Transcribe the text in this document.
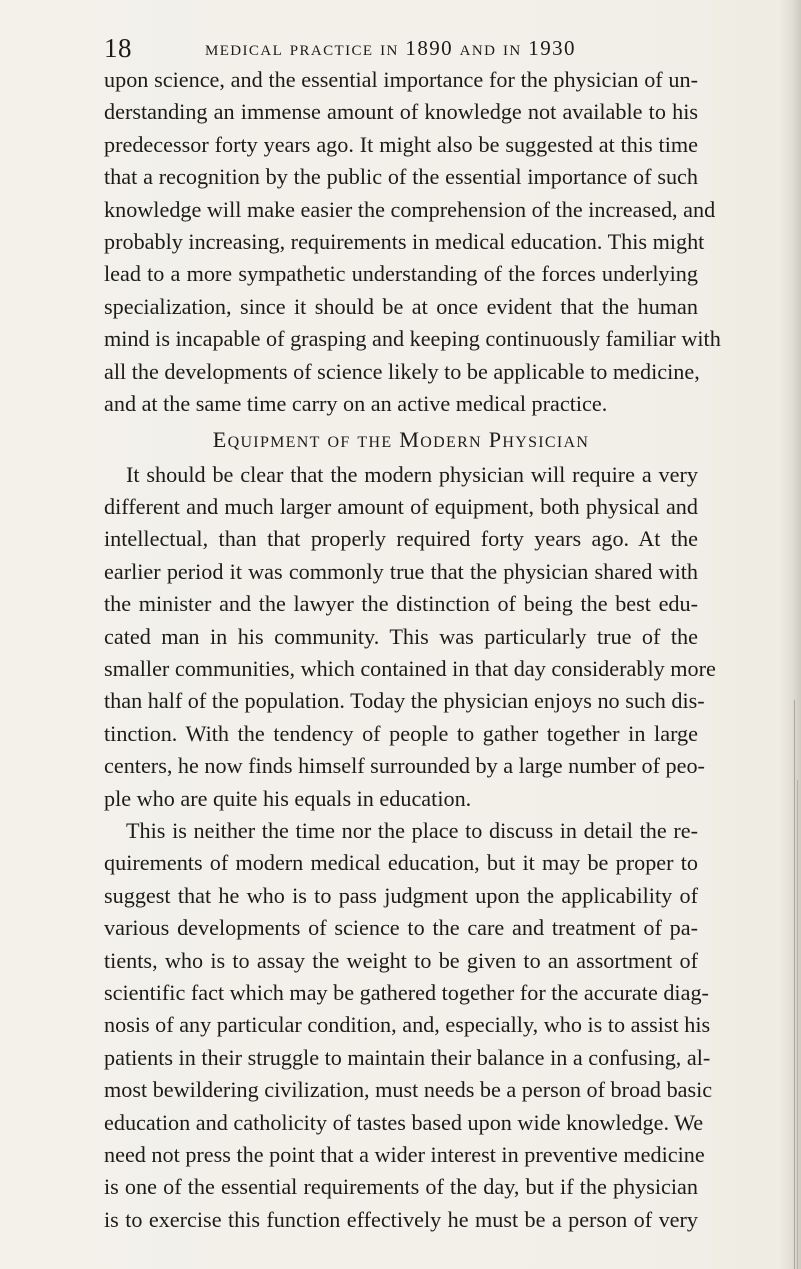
18	medical practice in 1890 and in 1930
upon science, and the essential importance for the physician of un-
derstanding an immense amount of knowledge not available to his
predecessor forty years ago. It might also be suggested at this time
that a recognition by the public of the essential importance of such
knowledge will make easier the comprehension of the increased, and
probably increasing, requirements in medical education. This might
lead to a more sympathetic understanding of the forces underlying
specialization, since it should be at once evident that the human
mind is incapable of grasping and keeping continuously familiar with
all the developments of science likely to be applicable to medicine,
and at the same time carry on an active medical practice.
Equipment of the Modern Physician
It should be clear that the modern physician will require a very
different and much larger amount of equipment, both physical and
intellectual, than that properly required forty years ago. At the
earlier period it was commonly true that the physician shared with
the minister and the lawyer the distinction of being the best edu-
cated man in his community. This was particularly true of the
smaller communities, which contained in that day considerably more
than half of the population. Today the physician enjoys no such dis-
tinction. With the tendency of people to gather together in large
centers, he now finds himself surrounded by a large number of peo-
ple who are quite his equals in education.
This is neither the time nor the place to discuss in detail the re-
quirements of modern medical education, but it may be proper to
suggest that he who is to pass judgment upon the applicability of
various developments of science to the care and treatment of pa-
tients, who is to assay the weight to be given to an assortment of
scientific fact which may be gathered together for the accurate diag-
nosis of any particular condition, and, especially, who is to assist his
patients in their struggle to maintain their balance in a confusing, al-
most bewildering civilization, must needs be a person of broad basic
education and catholicity of tastes based upon wide knowledge. We
need not press the point that a wider interest in preventive medicine
is one of the essential requirements of the day, but if the physician
is to exercise this function effectively he must be a person of very
